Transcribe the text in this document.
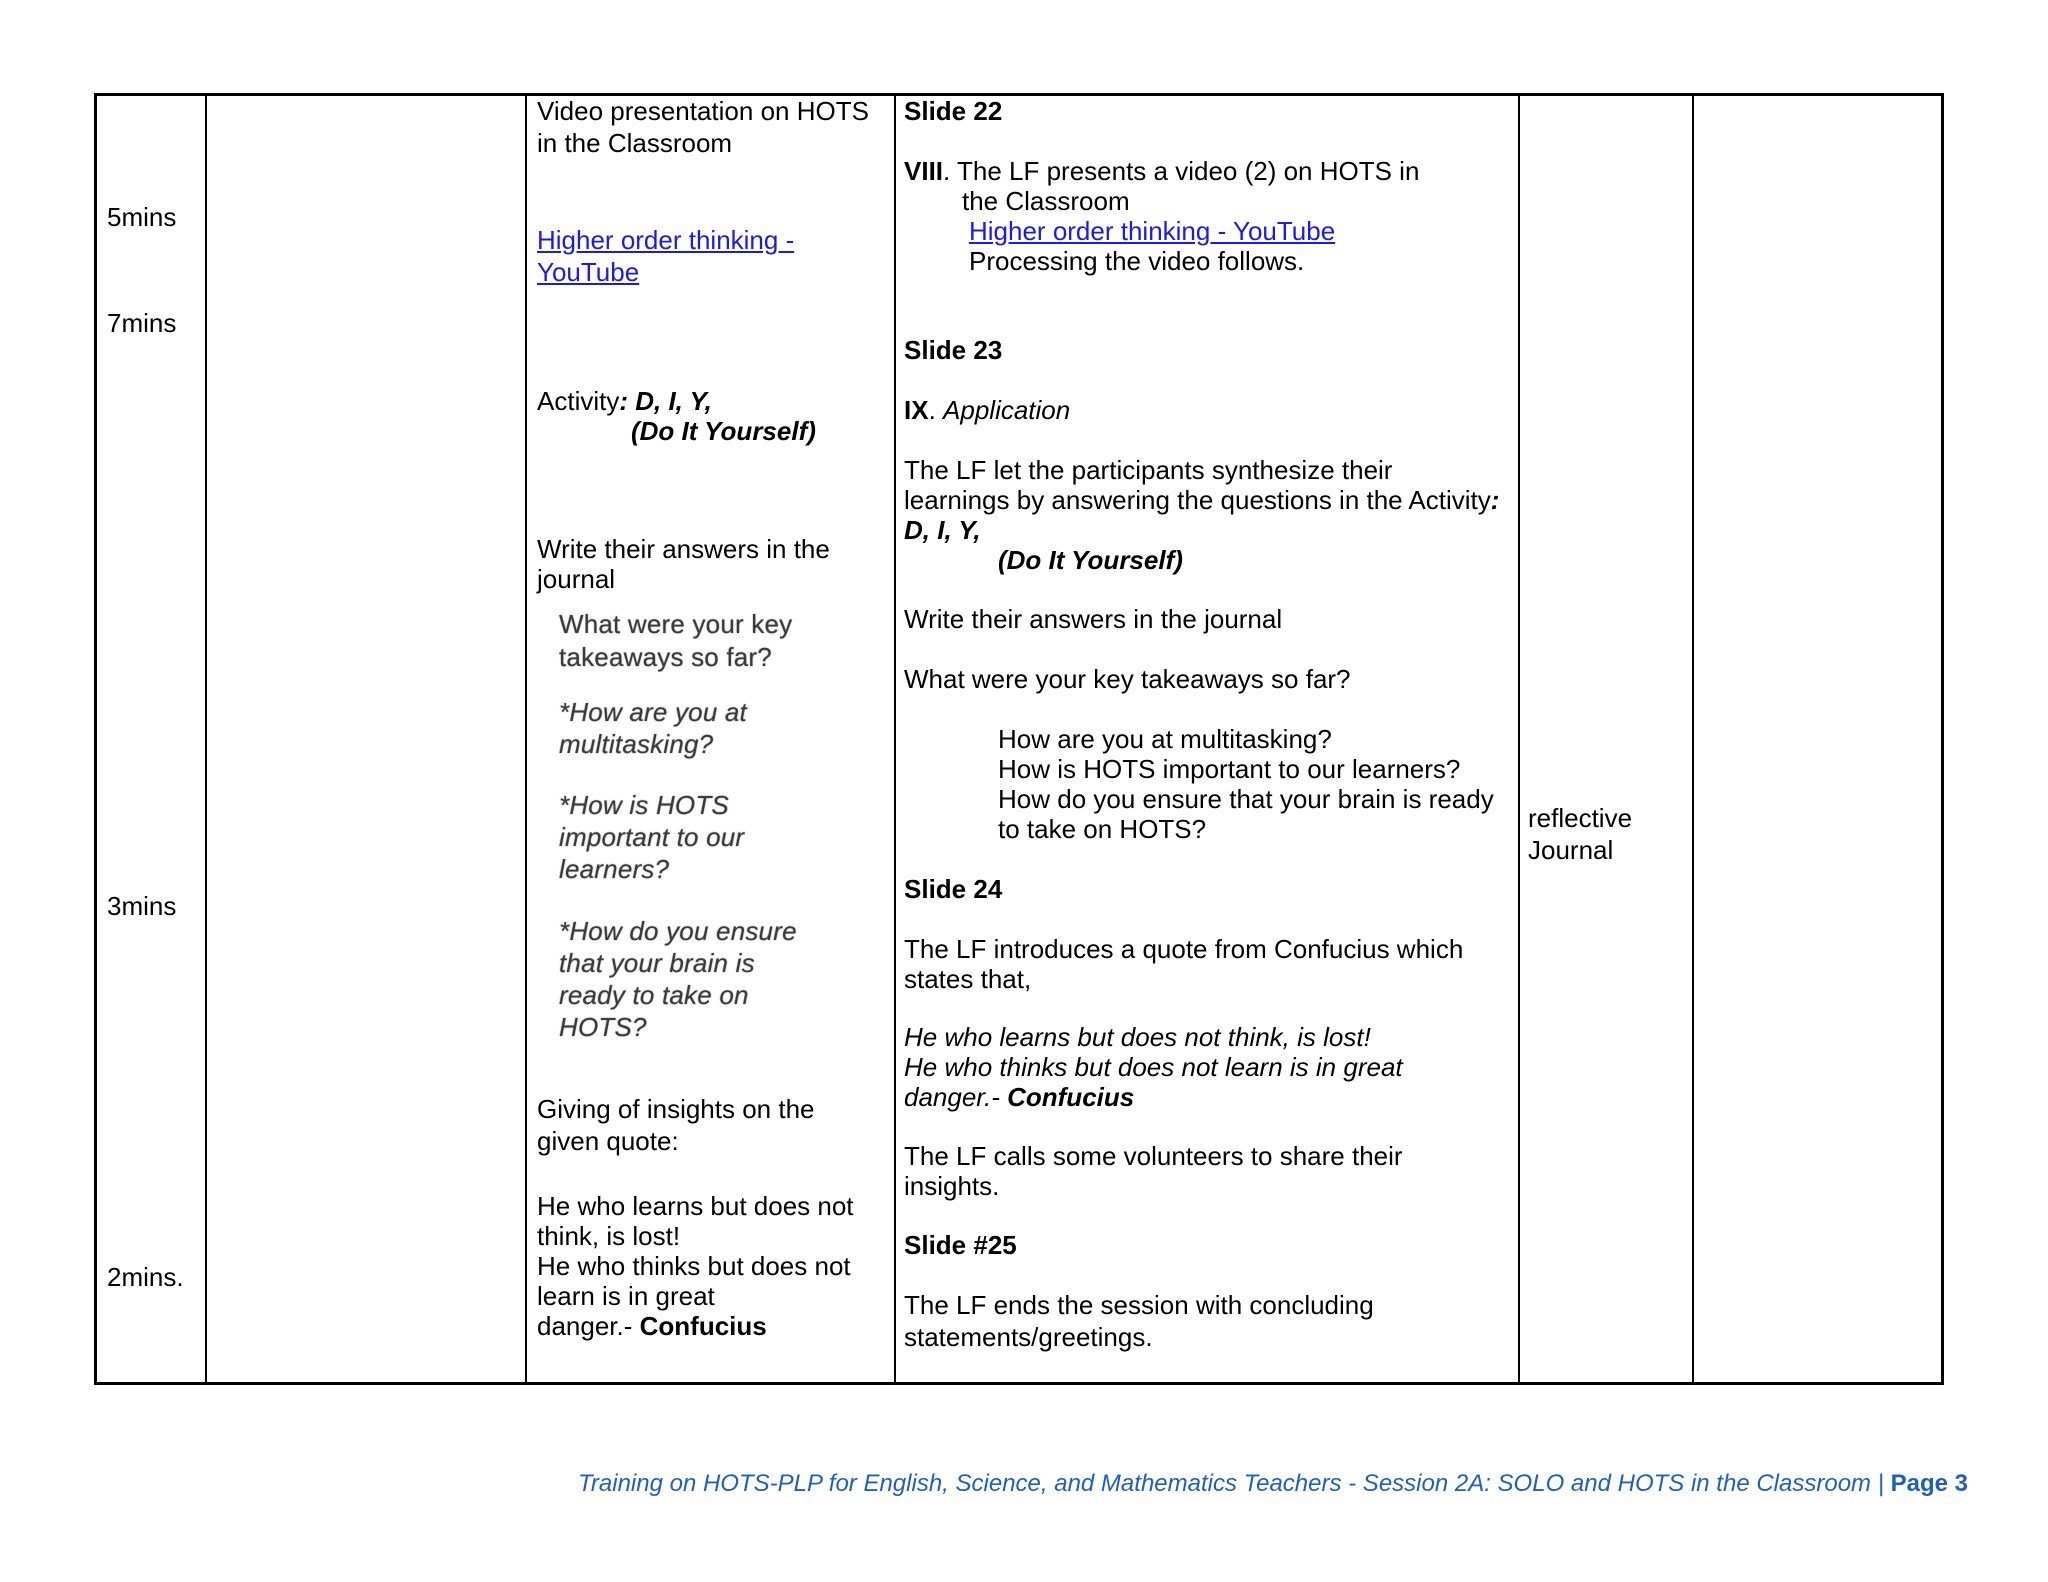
5mins
7mins
3mins
2mins.
Video presentation on HOTS
in the Classroom
Higher order thinking -
YouTube
Activity: D, I, Y,
(Do It Yourself)
Write their answers in the
journal
What were your key
takeaways so far?
*How are you at
multitasking?
*How is HOTS
important to our
learners?
*How do you ensure
that your brain is
ready to take on
HOTS?
Giving of insights on the
given quote:
He who learns but does not
think, is lost!
He who thinks but does not
learn is in great
danger.- Confucius
Slide 22
VIII. The LF presents a video (2) on HOTS in
the Classroom
Higher order thinking - YouTube
Processing the video follows.
Slide 23
IX. Application
The LF let the participants synthesize their
learnings by answering the questions in the Activity:
D, I, Y,
(Do It Yourself)
Write their answers in the journal
What were your key takeaways so far?
How are you at multitasking?
How is HOTS important to our learners?
How do you ensure that your brain is ready
to take on HOTS?
Slide 24
The LF introduces a quote from Confucius which
states that,
He who learns but does not think, is lost!
He who thinks but does not learn is in great
danger.- Confucius
The LF calls some volunteers to share their
insights.
Slide #25
The LF ends the session with concluding
statements/greetings.
reflective
Journal
Training on HOTS-PLP for English, Science, and Mathematics Teachers - Session 2A: SOLO and HOTS in the Classroom | Page 3
